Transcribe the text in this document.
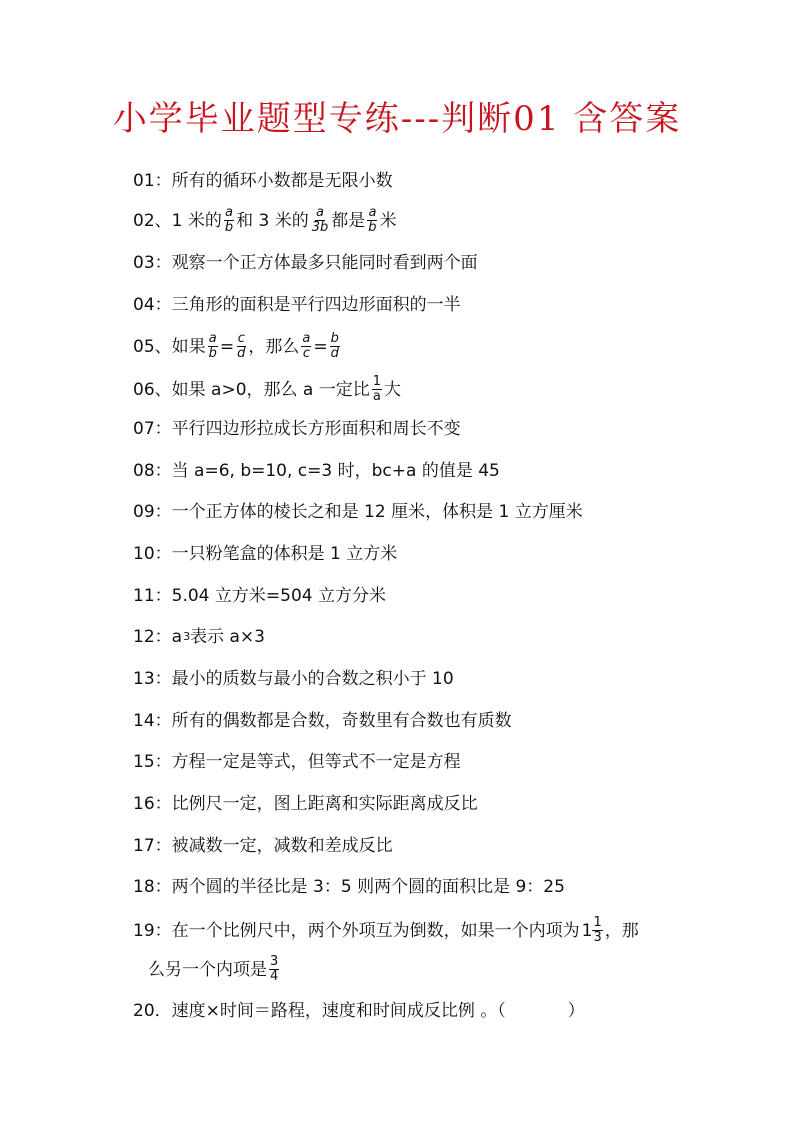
小学毕业题型专练---判断01 含答案
01： 所有的循环小数都是无限小数
02、 1 米的 $\frac{a}{b}$ 和 3 米的 $\frac{a}{3b}$ 都是 $\frac{a}{b}$ 米
03： 观察一个正方体最多只能同时看到两个面
04： 三角形的面积是平行四边形面积的一半
05、 如果 $\frac{a}{b} = \frac{c}{d}$ ，那么 $\frac{a}{c} = \frac{b}{d}$
06、 如果 a>0，那么 a 一定比 $\frac{1}{a}$ 大
07： 平行四边形拉成长方形面积和周长不变
08： 当 a=6, b=10, c=3 时，bc+a 的值是 45
09： 一个正方体的棱长之和是 12 厘米，体积是 1 立方厘米
10： 一只粉笔盒的体积是 1 立方米
11： 5.04 立方米=504 立方分米
12： a 3 表示 a×3
13： 最小的质数与最小的合数之积小于 10
14： 所有的偶数都是合数，奇数里有合数也有质数
15： 方程一定是等式，但等式不一定是方程
16： 比例尺一定，图上距离和实际距离成反比
17： 被减数一定，减数和差成反比
18： 两个圆的半径比是 3：5 则两个圆的面积比是 9：25
19： 在一个比例尺中，两个外项互为倒数，如果一个内项为 $1 \frac{1}{3}$ ，那
么另一个内项是 $\frac{3}{4}$
20． 速度×时间＝路程，速度和时间成反比例 。（	）
